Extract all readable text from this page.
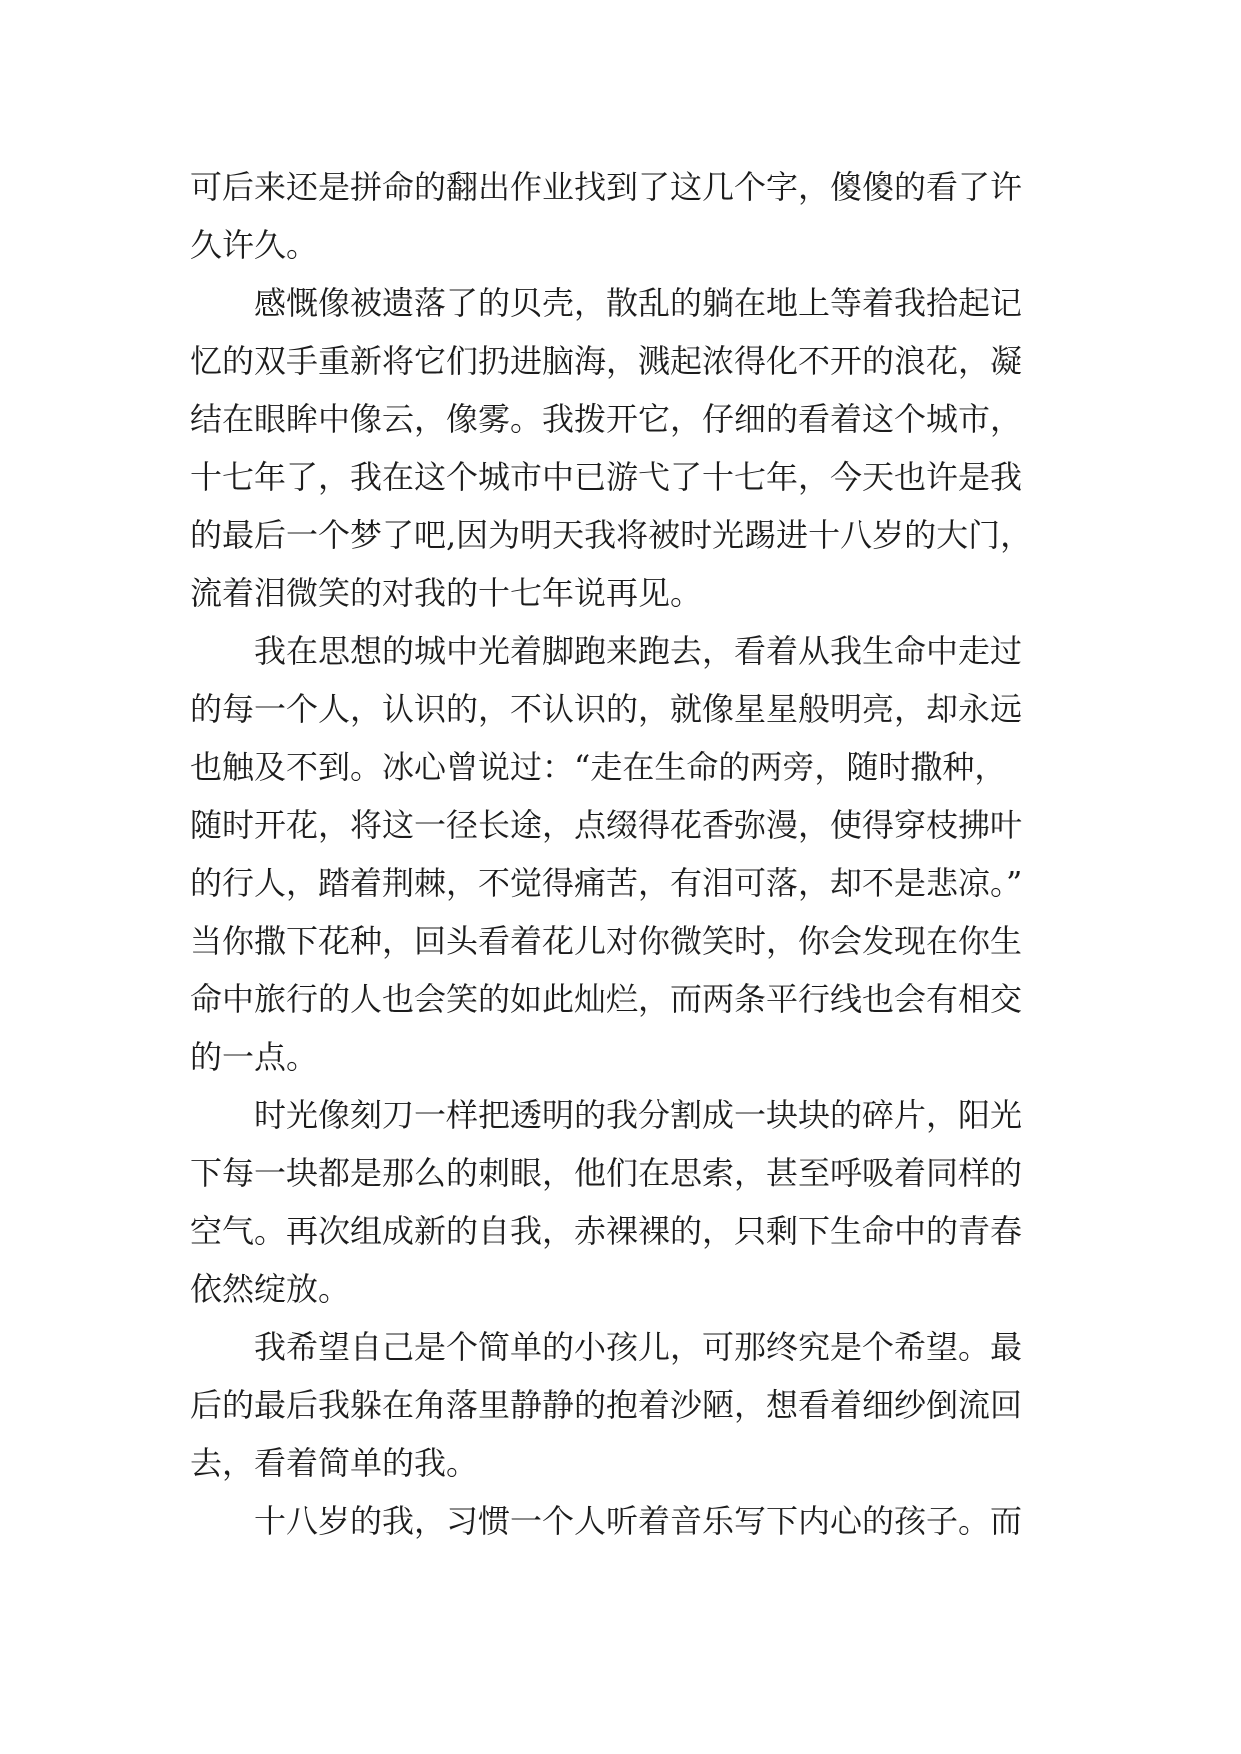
可后来还是拼命的翻出作业找到了这几个字，傻傻的看了许
久许久。
感慨像被遗落了的贝壳，散乱的躺在地上等着我拾起记
忆的双手重新将它们扔进脑海，溅起浓得化不开的浪花，凝
结在眼眸中像云，像雾。我拨开它，仔细的看着这个城市，
十七年了，我在这个城市中已游弋了十七年，今天也许是我
的最后一个梦了吧,因为明天我将被时光踢进十八岁的大门，
流着泪微笑的对我的十七年说再见。
我在思想的城中光着脚跑来跑去，看着从我生命中走过
的每一个人，认识的，不认识的，就像星星般明亮，却永远
也触及不到。冰心曾说过：“走在生命的两旁，随时撒种，
随时开花，将这一径长途，点缀得花香弥漫，使得穿枝拂叶
的行人，踏着荆棘，不觉得痛苦，有泪可落，却不是悲凉。”
当你撒下花种，回头看着花儿对你微笑时，你会发现在你生
命中旅行的人也会笑的如此灿烂，而两条平行线也会有相交
的一点。
时光像刻刀一样把透明的我分割成一块块的碎片，阳光
下每一块都是那么的刺眼，他们在思索，甚至呼吸着同样的
空气。再次组成新的自我，赤裸裸的，只剩下生命中的青春
依然绽放。
我希望自己是个简单的小孩儿，可那终究是个希望。最
后的最后我躲在角落里静静的抱着沙陋，想看着细纱倒流回
去，看着简单的我。
十八岁的我，习惯一个人听着音乐写下内心的孩子。而
